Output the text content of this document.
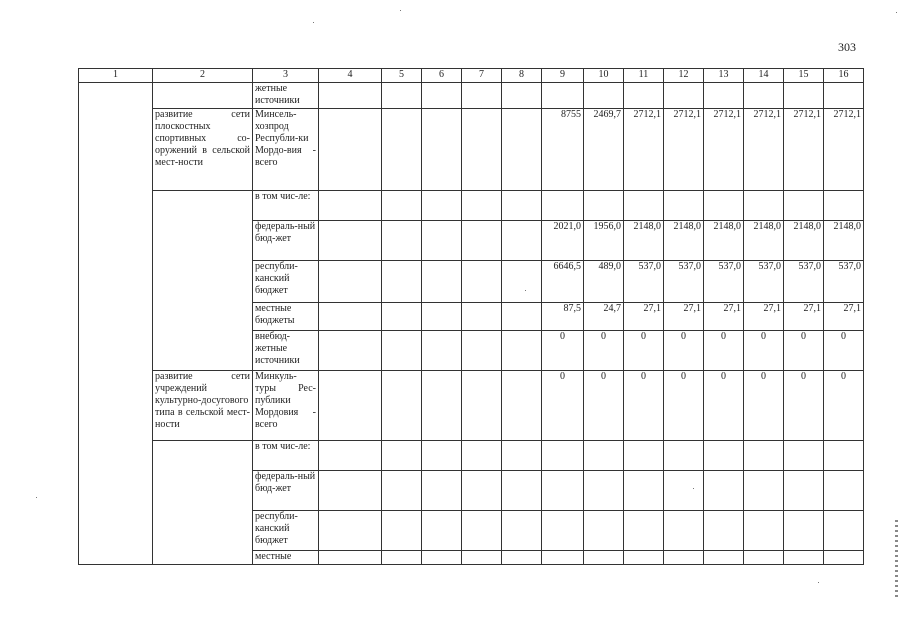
303
1	2	3	4	5	6	7	8	9	10	11	12	13	14	15	16
		жетные источники													
	развитие сети плоскостных спортивных со-оружений в сельской мест-ности	Минсель-хозпрод Республи-ки Мордо-вия - всего						8755	2469,7	2712,1	2712,1	2712,1	2712,1	2712,1	2712,1
		в том чис-ле:													
		федераль-ный бюд-жет						2021,0	1956,0	2148,0	2148,0	2148,0	2148,0	2148,0	2148,0
		республи-канский бюджет						6646,5	489,0	537,0	537,0	537,0	537,0	537,0	537,0
		местные бюджеты						87,5	24,7	27,1	27,1	27,1	27,1	27,1	27,1
		внебюд-жетные источники						0	0	0	0	0	0	0	0
	развитие сети учреждений культурно-досугового типа в сельской мест-ности	Минкуль-туры Рес-публики Мордовия - всего						0	0	0	0	0	0	0	0
		в том чис-ле:													
		федераль-ный бюд-жет													
		республи-канский бюджет													
		местные													
